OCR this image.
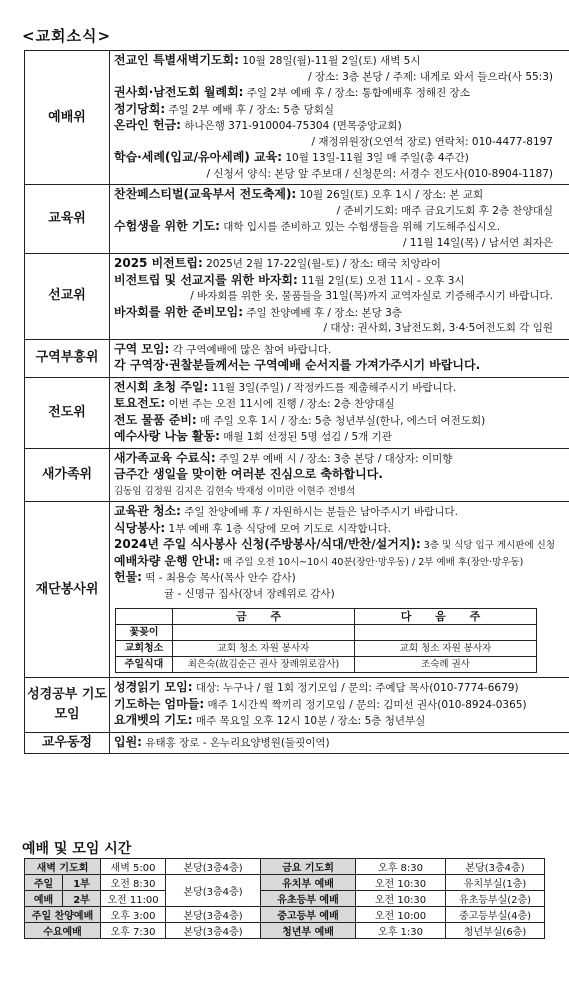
<교회소식>
예배위	
전교인 특별새벽기도회: 10월 28일(월)-11월 2일(토) 새벽 5시
/ 장소: 3층 본당 / 주제: 내게로 와서 들으라(사 55:3)
권사회·남전도회 월례회: 주일 2부 예배 후 / 장소: 통합예배후 정해진 장소
정기당회: 주일 2부 예배 후 / 장소: 5층 당회실
온라인 헌금: 하나은행 371-910004-75304 (면목중앙교회)
/ 재정위원장(오연석 장로) 연락처: 010-4477-8197
학습·세례(입교/유아세례) 교육: 10월 13일-11월 3일 매 주일(총 4주간)
/ 신청서 양식: 본당 앞 주보대 / 신청문의: 서경수 전도사(010-8904-1187)

교육위	
찬찬페스티벌(교육부서 전도축제): 10월 26일(토) 오후 1시 / 장소: 본 교회
/ 준비기도회: 매주 금요기도회 후 2층 찬양대실
수험생을 위한 기도: 대학 입시를 준비하고 있는 수험생들을 위해 기도해주십시오.
/ 11월 14일(목) / 남서연 최자은

선교위	
2025 비전트립: 2025년 2월 17-22일(월-토) / 장소: 태국 치앙라이
비전트립 및 선교지를 위한 바자회: 11월 2일(토) 오전 11시 - 오후 3시
/ 바자회를 위한 옷, 물품들을 31일(목)까지 교역자실로 기증해주시기 바랍니다.
바자회를 위한 준비모임: 주일 찬양예배 후 / 장소: 본당 3층
/ 대상: 권사회, 3남전도회, 3·4·5여전도회 각 임원

구역부흥위	
구역 모임: 각 구역예배에 많은 참여 바랍니다.
각 구역장·권찰분들께서는 구역예배 순서지를 가져가주시기 바랍니다.

전도위	
전시회 초청 주일: 11월 3일(주일) / 작정카드를 제출해주시기 바랍니다.
토요전도: 이번 주는 오전 11시에 진행 / 장소: 2층 찬양대실
전도 물품 준비: 매 주일 오후 1시 / 장소: 5층 청년부실(한나, 에스더 여전도회)
예수사랑 나눔 활동: 매월 1회 선정된 5명 섬김 / 5개 기관

새가족위	
새가족교육 수료식: 주일 2부 예배 시 / 장소: 3층 본당 / 대상자: 이미향
금주간 생일을 맞이한 여러분 진심으로 축하합니다.
김동임 김정원 김지은 김현숙 박재성 이미란 이현주 전병석

재단봉사위	
교육관 청소: 주일 찬양예배 후 / 자원하시는 분들은 남아주시기 바랍니다.
식당봉사: 1부 예배 후 1층 식당에 모여 기도로 시작합니다.
2024년 주일 식사봉사 신청(주방봉사/식대/반찬/설거지): 3층 및 식당 입구 게시판에 신청
예배차량 운행 안내: 매 주일 오전 10시~10시 40분(장안·망우동) / 2부 예배 후(장안·망우동)
헌물: 떡 - 최용승 목사(목사 안수 감사)
귤 - 신명규 집사(장녀 장례위로 감사)
	금 주	다 음 주
꽃꽂이		
교회청소	교회 청소 자원 봉사자	교회 청소 자원 봉사자
주일식대	최은숙(故김순근 권사 장례위로감사)	조숙례 권사

성경공부 기도모임	
성경읽기 모임: 대상: 누구나 / 월 1회 정기모임 / 문의: 주예담 목사(010-7774-6679)
기도하는 엄마들: 매주 1시간씩 짝끼리 정기모임 / 문의: 김미선 권사(010-8924-0365)
요개벳의 기도: 매주 목요일 오후 12시 10분 / 장소: 5층 청년부실

교우동정	입원: 유태홍 장로 - 온누리요양병원(둘굇이역)
예배 및 모임 시간
새벽 기도회		새벽 5:00	본당(3층4층)	금요 기도회	오후 8:30	본당(3층4층)
주일	1부	오전 8:30	본당(3층4층)	유치부 예배	오전 10:30	유치부실(1층)
예배	2부	오전 11:00		유초등부 예배	오전 10:30	유초등부실(2층)
주일 찬양예배		오후 3:00	본당(3층4층)	중고등부 예배	오전 10:00	중고등부실(4층)
수요예배		오후 7:30	본당(3층4층)	청년부 예배	오후 1:30	청년부실(6층)
